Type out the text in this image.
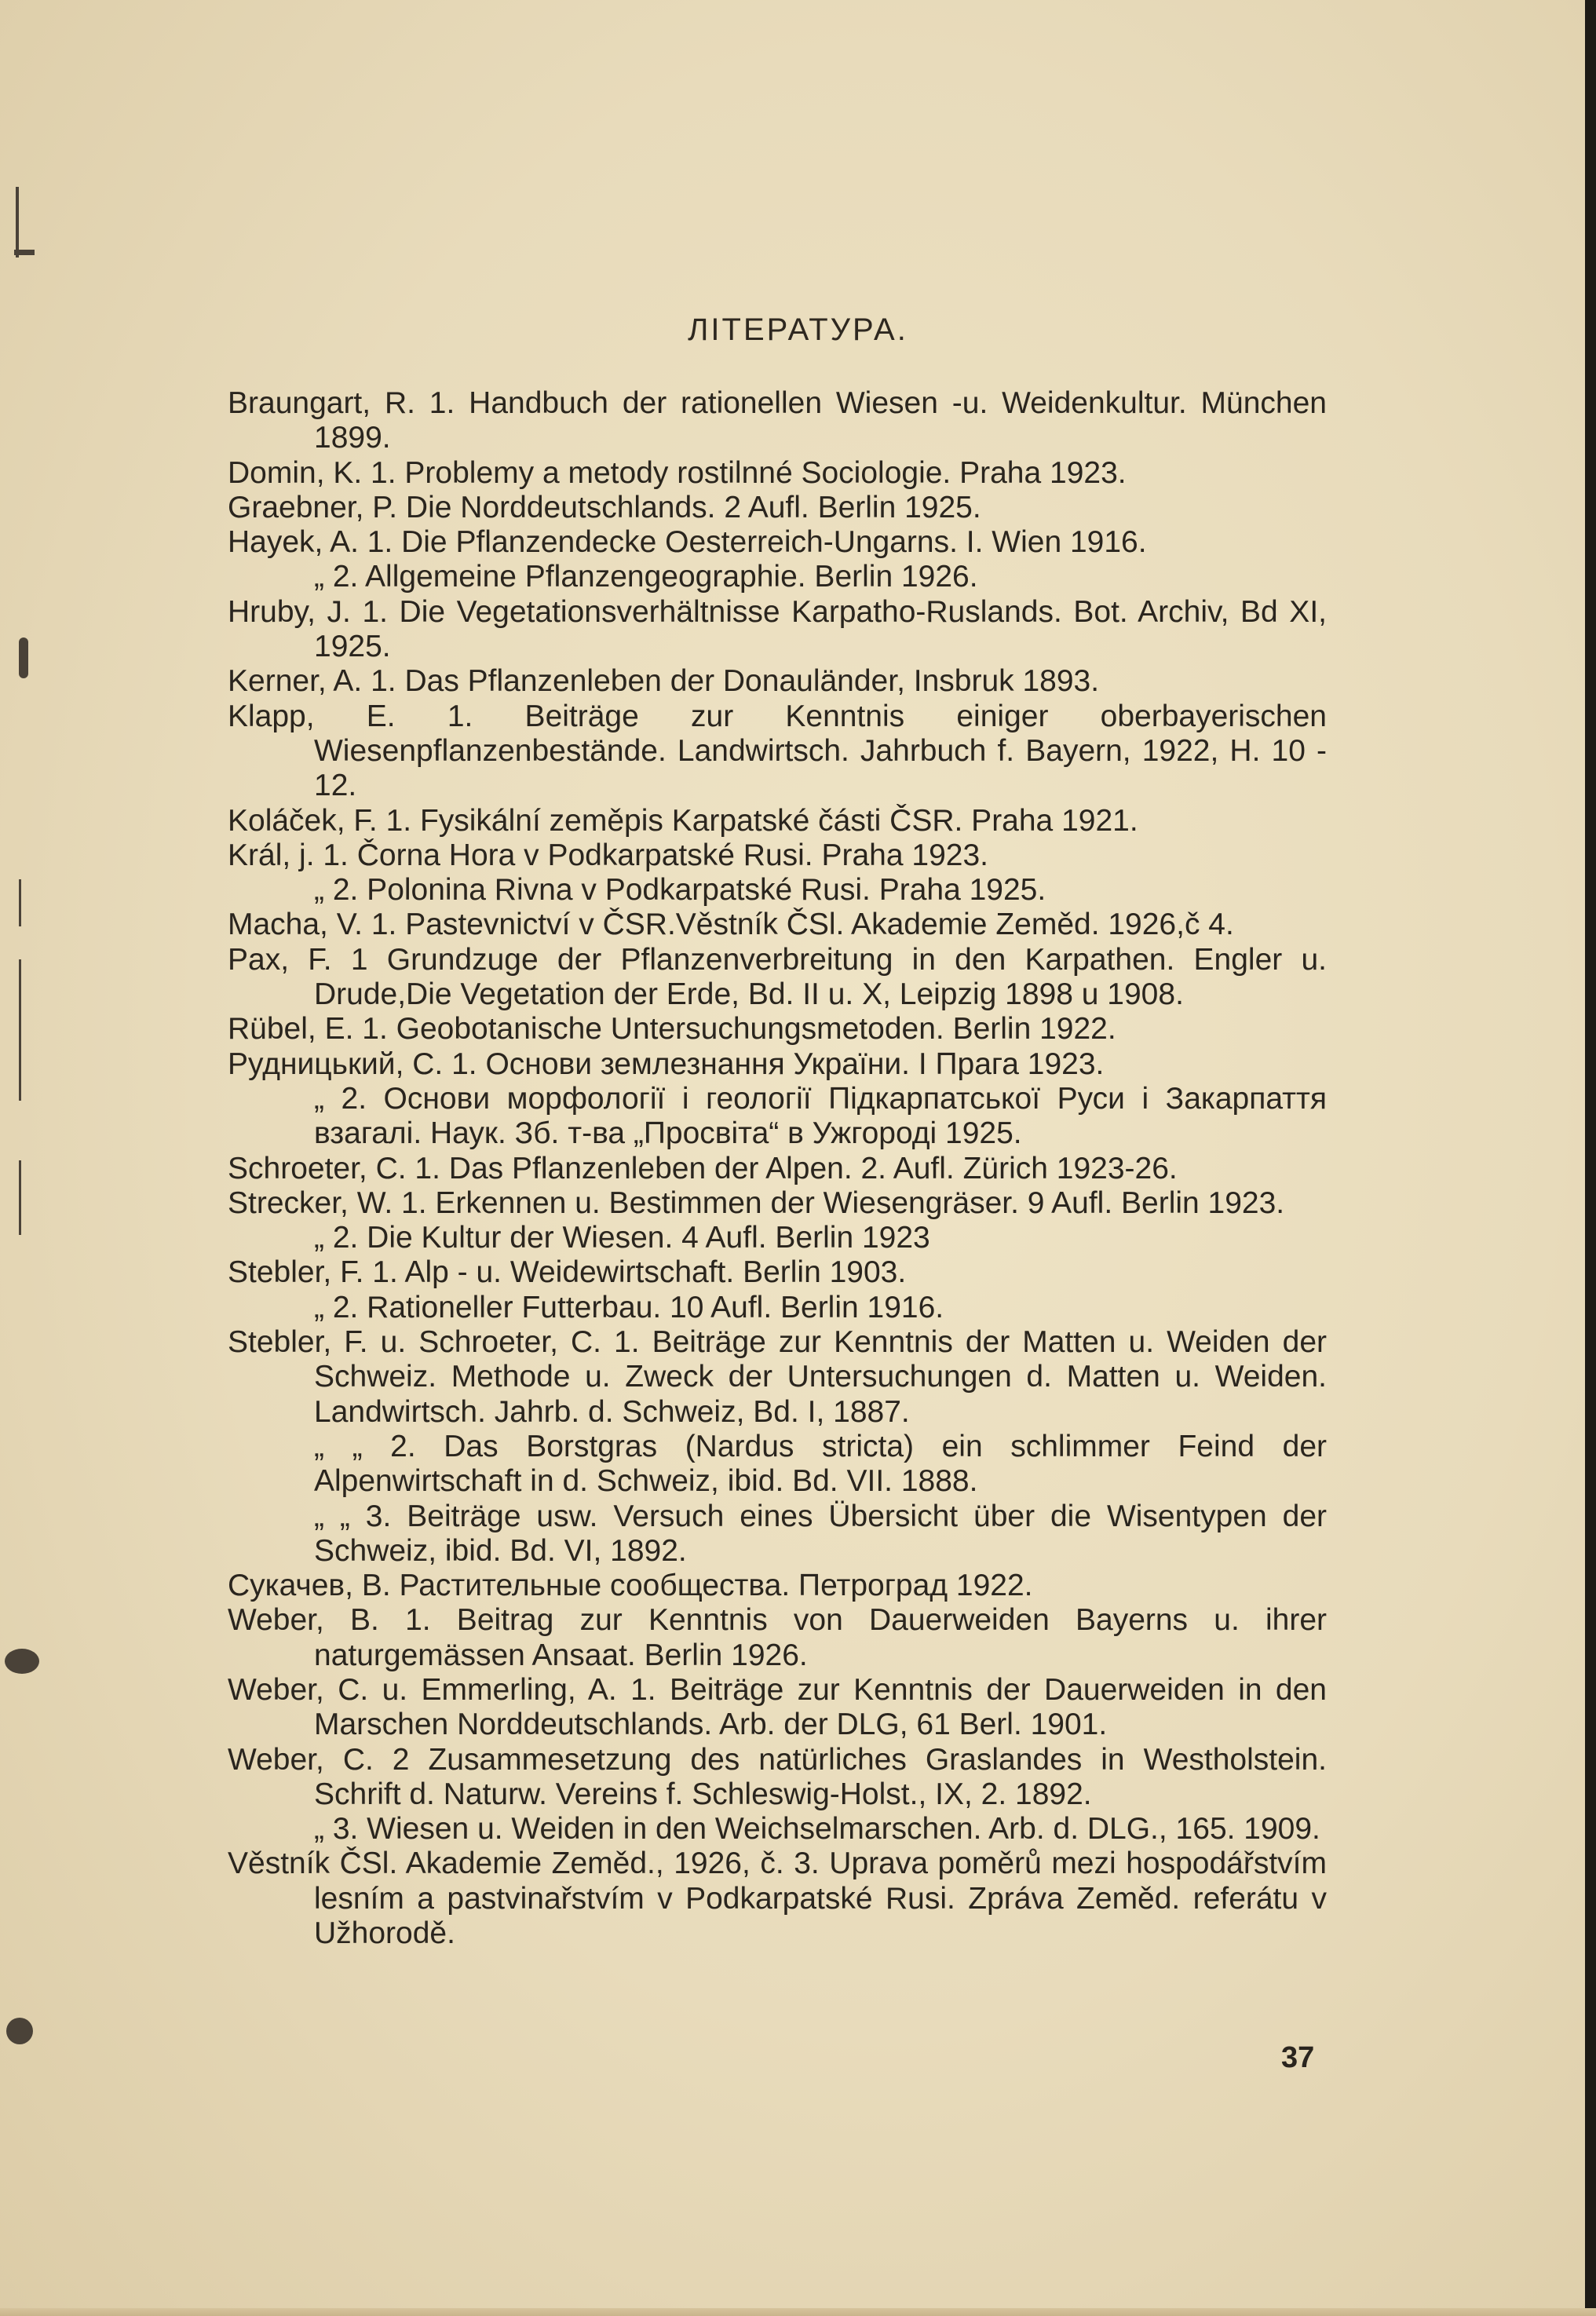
ЛІТЕРАТУРА.
Braungart, R. 1. Handbuch der rationellen Wiesen -u. Weidenkultur. München 1899.
Domin, K. 1. Problemy a metody rostilnné Sociologie. Praha 1923.
Graebner, P. Die Norddeutschlands. 2 Aufl. Berlin 1925.
Hayek, A. 1. Die Pflanzendecke Oesterreich-Ungarns. I. Wien 1916.
„ 2. Allgemeine Pflanzengeographie. Berlin 1926.
Hruby, J. 1. Die Vegetationsverhältnisse Karpatho-Ruslands. Bot. Archiv, Bd XI, 1925.
Kerner, A. 1. Das Pflanzenleben der Donauländer, Insbruk 1893.
Klapp, E. 1. Beiträge zur Kenntnis einiger oberbayerischen Wiesenpflanzenbestände. Landwirtsch. Jahrbuch f. Bayern, 1922, H. 10 - 12.
Koláček, F. 1. Fysikální zeměpis Karpatské části ČSR. Praha 1921.
Král, j. 1. Čorna Hora v Podkarpatské Rusi. Praha 1923.
„ 2. Polonina Rivna v Podkarpatské Rusi. Praha 1925.
Macha, V. 1. Pastevnictví v ČSR.Věstník ČSl. Akademie Zeměd. 1926,č 4.
Pax, F. 1 Grundzuge der Pflanzenverbreitung in den Karpathen. Engler u. Drude,Die Vegetation der Erde, Bd. II u. X, Leipzig 1898 u 1908.
Rübel, E. 1. Geobotanische Untersuchungsmetoden. Berlin 1922.
Рудницький, С. 1. Основи землезнання України. І Прага 1923.
„ 2. Основи морфології і геології Підкарпатської Руси і Закарпаття взагалі. Наук. Зб. т-ва „Просвіта“ в Ужгороді 1925.
Schroeter, C. 1. Das Pflanzenleben der Alpen. 2. Aufl. Zürich 1923-26.
Strecker, W. 1. Erkennen u. Bestimmen der Wiesengräser. 9 Aufl. Berlin 1923.
„ 2. Die Kultur der Wiesen. 4 Aufl. Berlin 1923
Stebler, F. 1. Alp - u. Weidewirtschaft. Berlin 1903.
„ 2. Rationeller Futterbau. 10 Aufl. Berlin 1916.
Stebler, F. u. Schroeter, C. 1. Beiträge zur Kenntnis der Matten u. Weiden der Schweiz. Methode u. Zweck der Untersuchungen d. Matten u. Weiden. Landwirtsch. Jahrb. d. Schweiz, Bd. I, 1887.
„ „ 2. Das Borstgras (Nardus stricta) ein schlimmer Feind der Alpenwirtschaft in d. Schweiz, ibid. Bd. VII. 1888.
„ „ 3. Beiträge usw. Versuch eines Übersicht über die Wisentypen der Schweiz, ibid. Bd. VI, 1892.
Сукачев, В. Растительные сообщества. Петроград 1922.
Weber, B. 1. Beitrag zur Kenntnis von Dauerweiden Bayerns u. ihrer naturgemässen Ansaat. Berlin 1926.
Weber, C. u. Emmerling, A. 1. Beiträge zur Kenntnis der Dauerweiden in den Marschen Norddeutschlands. Arb. der DLG, 61 Berl. 1901.
Weber, C. 2 Zusammesetzung des natürliches Graslandes in Westholstein. Schrift d. Naturw. Vereins f. Schleswig-Holst., IX, 2. 1892.
„ 3. Wiesen u. Weiden in den Weichselmarschen. Arb. d. DLG., 165. 1909.
Věstník ČSl. Akademie Zeměd., 1926, č. 3. Uprava poměrů mezi hospodářstvím lesním a pastvinařstvím v Podkarpatské Rusi. Zpráva Zeměd. referátu v Užhorodě.
37
